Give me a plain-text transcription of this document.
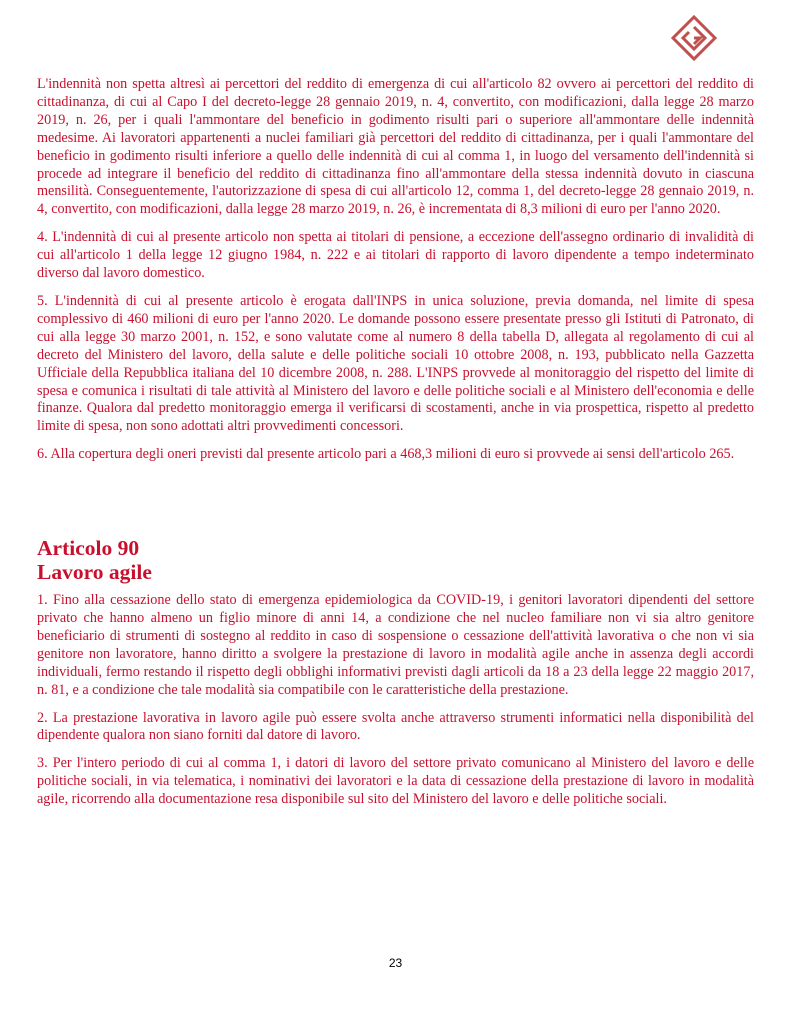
L'indennità non spetta altresì ai percettori del reddito di emergenza di cui all'articolo 82 ovvero ai percettori del reddito di cittadinanza, di cui al Capo I del decreto-legge 28 gennaio 2019, n. 4, convertito, con modificazioni, dalla legge 28 marzo 2019, n. 26, per i quali l'ammontare del beneficio in godimento risulti pari o superiore all'ammontare delle indennità medesime. Ai lavoratori appartenenti a nuclei familiari già percettori del reddito di cittadinanza, per i quali l'ammontare del beneficio in godimento risulti inferiore a quello delle indennità di cui al comma 1, in luogo del versamento dell'indennità si procede ad integrare il beneficio del reddito di cittadinanza fino all'ammontare della stessa indennità dovuto in ciascuna mensilità. Conseguentemente, l'autorizzazione di spesa di cui all'articolo 12, comma 1, del decreto-legge 28 gennaio 2019, n. 4, convertito, con modificazioni, dalla legge 28 marzo 2019, n. 26, è incrementata di 8,3 milioni di euro per l'anno 2020.

4. L'indennità di cui al presente articolo non spetta ai titolari di pensione, a eccezione dell'assegno ordinario di invalidità di cui all'articolo 1 della legge 12 giugno 1984, n. 222 e ai titolari di rapporto di lavoro dipendente a tempo indeterminato diverso dal lavoro domestico.

5. L'indennità di cui al presente articolo è erogata dall'INPS in unica soluzione, previa domanda, nel limite di spesa complessivo di 460 milioni di euro per l'anno 2020. Le domande possono essere presentate presso gli Istituti di Patronato, di cui alla legge 30 marzo 2001, n. 152, e sono valutate come al numero 8 della tabella D, allegata al regolamento di cui al decreto del Ministero del lavoro, della salute e delle politiche sociali 10 ottobre 2008, n. 193, pubblicato nella Gazzetta Ufficiale della Repubblica italiana del 10 dicembre 2008, n. 288. L'INPS provvede al monitoraggio del rispetto del limite di spesa e comunica i risultati di tale attività al Ministero del lavoro e delle politiche sociali e al Ministero dell'economia e delle finanze. Qualora dal predetto monitoraggio emerga il verificarsi di scostamenti, anche in via prospettica, rispetto al predetto limite di spesa, non sono adottati altri provvedimenti concessori.

6. Alla copertura degli oneri previsti dal presente articolo pari a 468,3 milioni di euro si provvede ai sensi dell'articolo 265.

Articolo 90
Lavoro agile

1. Fino alla cessazione dello stato di emergenza epidemiologica da COVID-19, i genitori lavoratori dipendenti del settore privato che hanno almeno un figlio minore di anni 14, a condizione che nel nucleo familiare non vi sia altro genitore beneficiario di strumenti di sostegno al reddito in caso di sospensione o cessazione dell'attività lavorativa o che non vi sia genitore non lavoratore, hanno diritto a svolgere la prestazione di lavoro in modalità agile anche in assenza degli accordi individuali, fermo restando il rispetto degli obblighi informativi previsti dagli articoli da 18 a 23 della legge 22 maggio 2017, n. 81, e a condizione che tale modalità sia compatibile con le caratteristiche della prestazione.

2. La prestazione lavorativa in lavoro agile può essere svolta anche attraverso strumenti informatici nella disponibilità del dipendente qualora non siano forniti dal datore di lavoro.

3. Per l'intero periodo di cui al comma 1, i datori di lavoro del settore privato comunicano al Ministero del lavoro e delle politiche sociali, in via telematica, i nominativi dei lavoratori e la data di cessazione della prestazione di lavoro in modalità agile, ricorrendo alla documentazione resa disponibile sul sito del Ministero del lavoro e delle politiche sociali.

23
